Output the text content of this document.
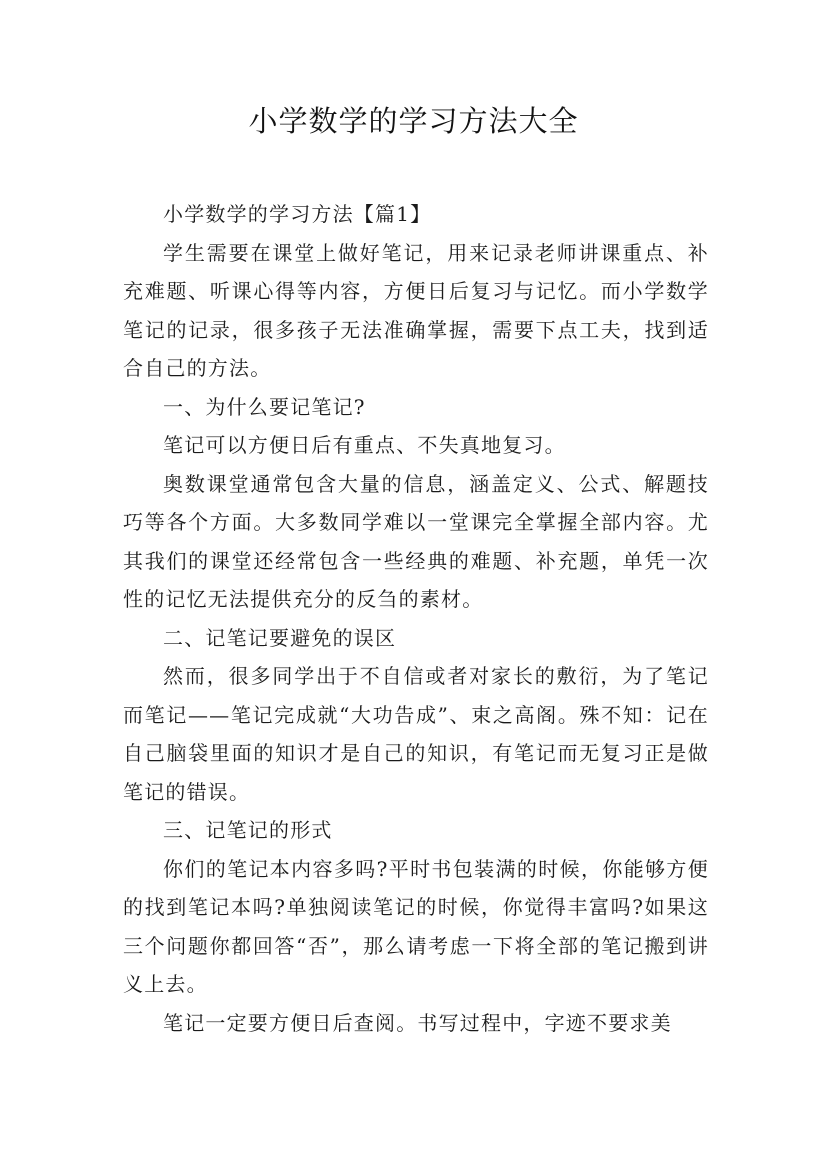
小学数学的学习方法大全

小学数学的学习方法【篇1】

学生需要在课堂上做好笔记，用来记录老师讲课重点、补充难题、听课心得等内容，方便日后复习与记忆。而小学数学笔记的记录，很多孩子无法准确掌握，需要下点工夫，找到适合自己的方法。

一、为什么要记笔记?

笔记可以方便日后有重点、不失真地复习。

奥数课堂通常包含大量的信息，涵盖定义、公式、解题技巧等各个方面。大多数同学难以一堂课完全掌握全部内容。尤其我们的课堂还经常包含一些经典的难题、补充题，单凭一次性的记忆无法提供充分的反刍的素材。

二、记笔记要避免的误区

然而，很多同学出于不自信或者对家长的敷衍，为了笔记而笔记——笔记完成就“大功告成”、束之高阁。殊不知：记在自己脑袋里面的知识才是自己的知识，有笔记而无复习正是做笔记的错误。

三、记笔记的形式

你们的笔记本内容多吗?平时书包装满的时候，你能够方便的找到笔记本吗?单独阅读笔记的时候，你觉得丰富吗?如果这三个问题你都回答“否”，那么请考虑一下将全部的笔记搬到讲义上去。

笔记一定要方便日后查阅。书写过程中，字迹不要求美
